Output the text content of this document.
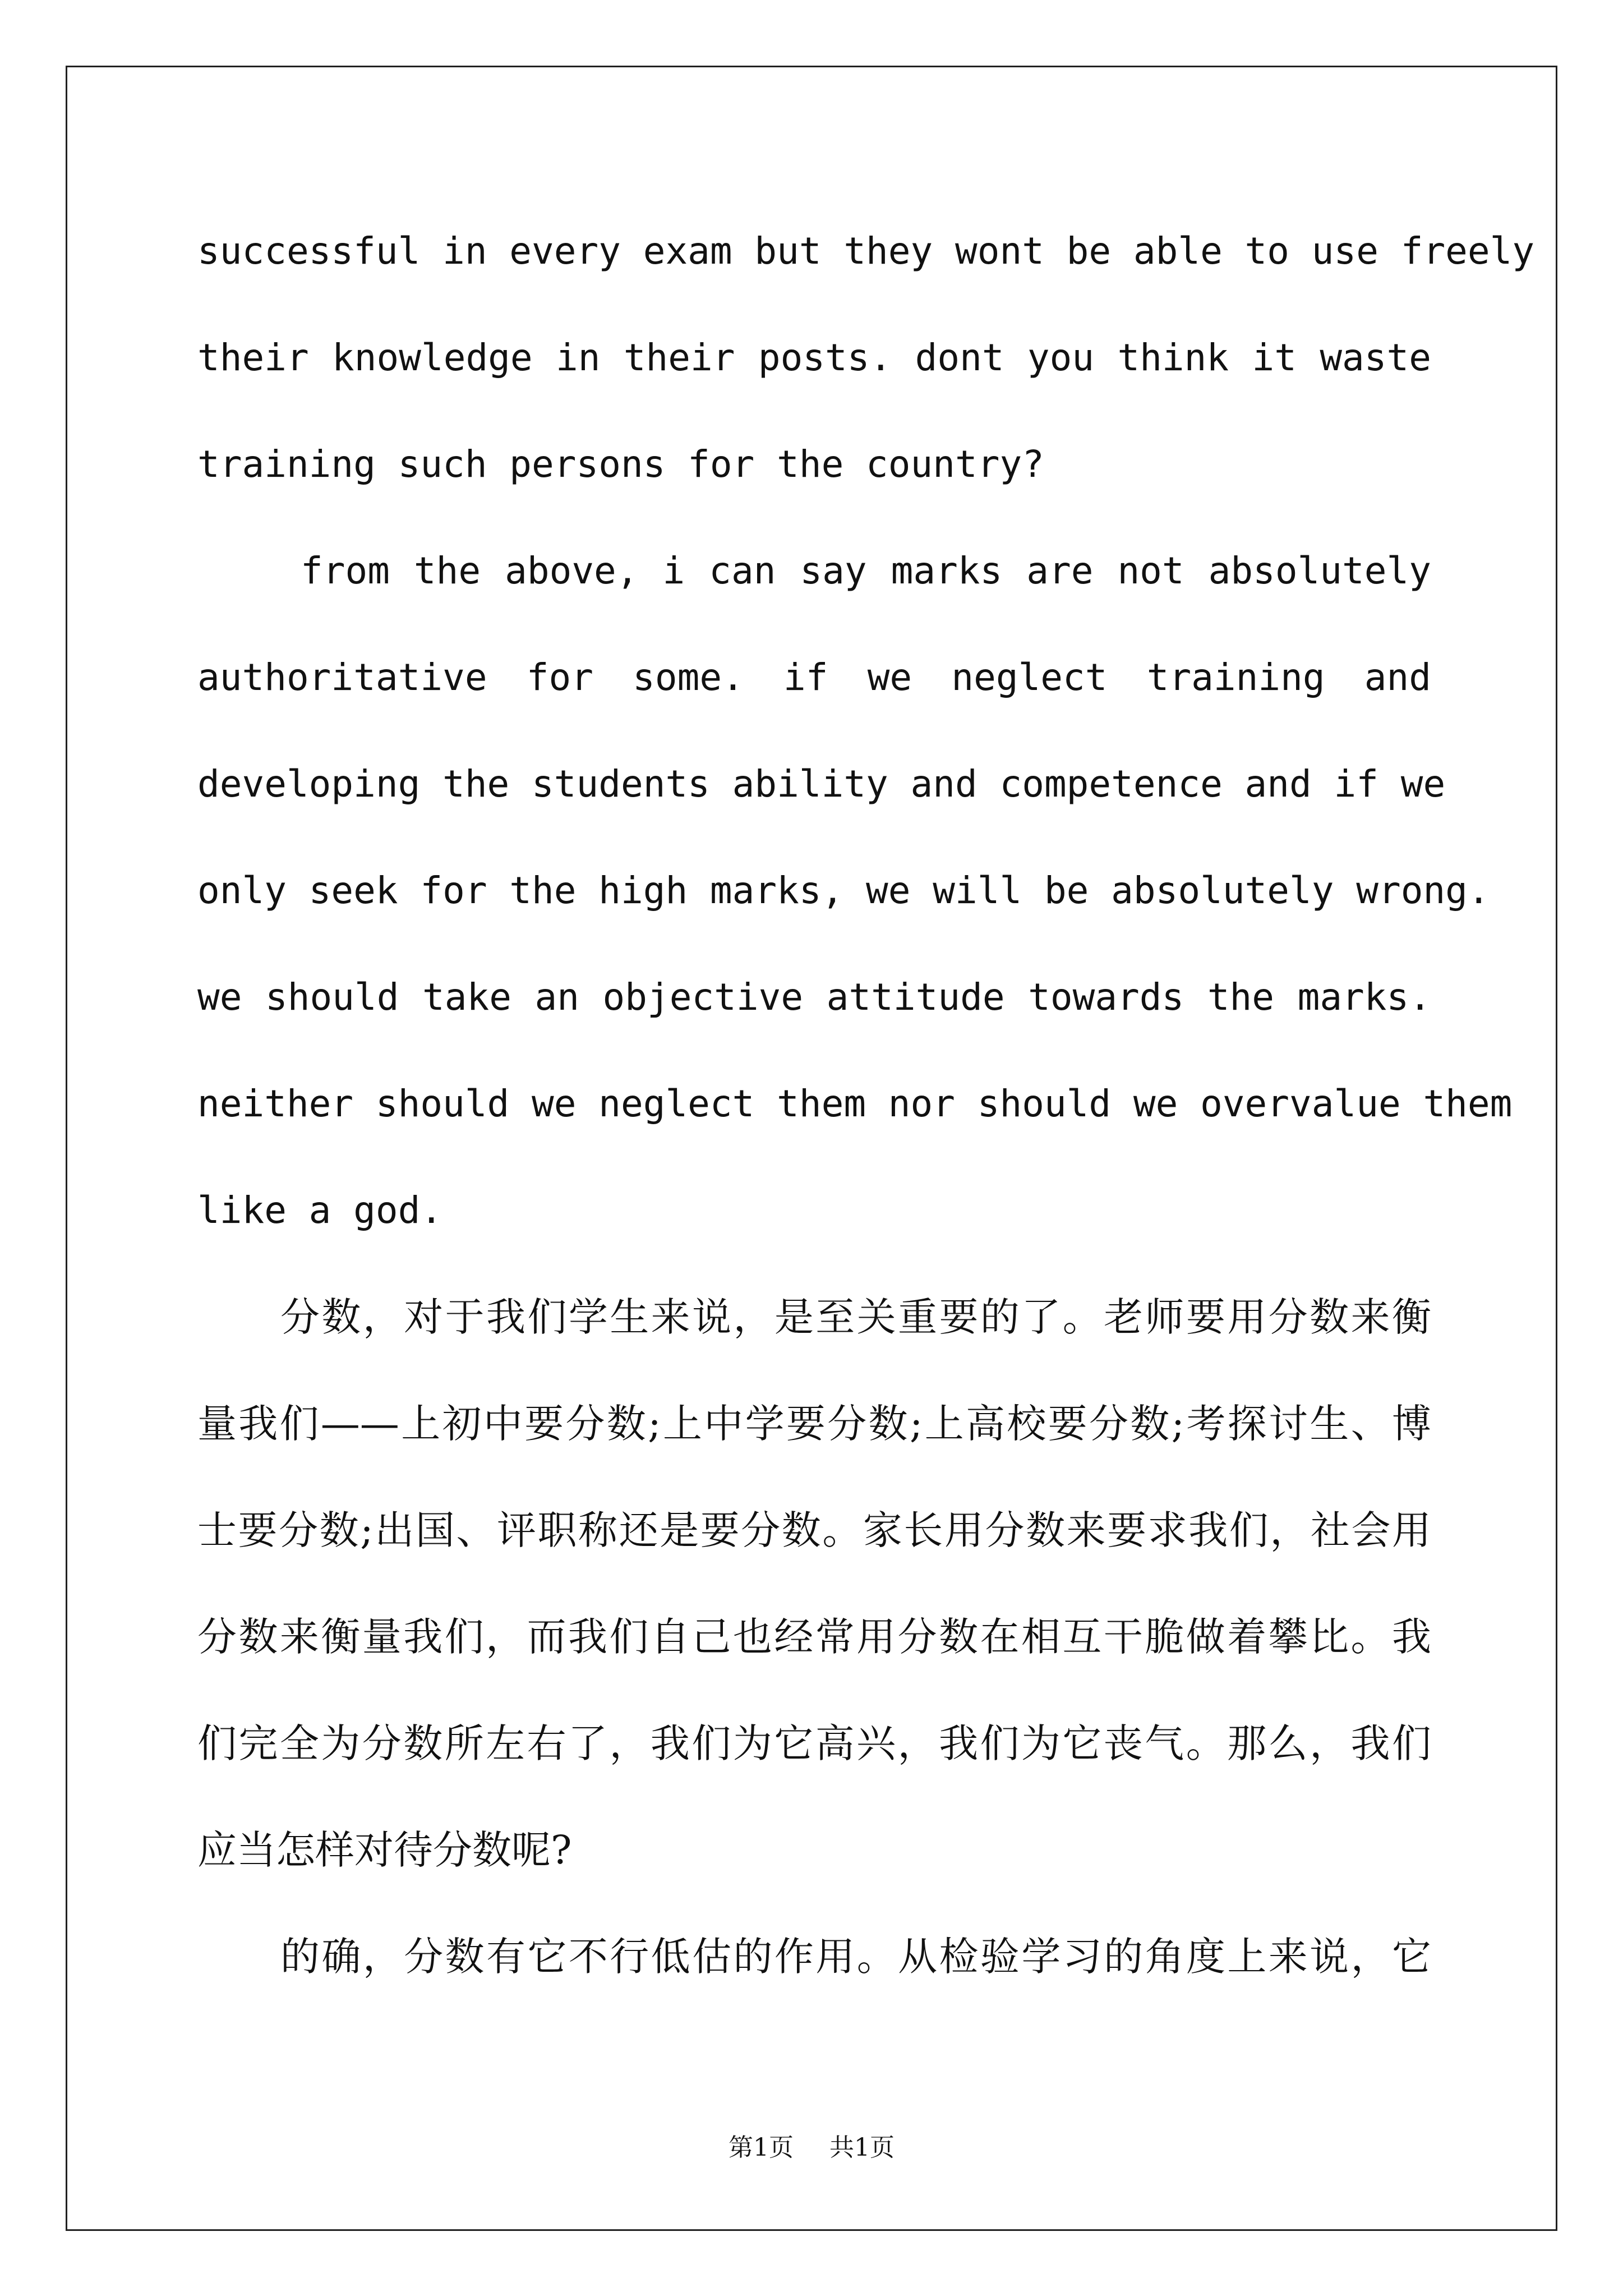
successful in every exam but they wont be able to use freely
their knowledge in their posts. dont you think it waste
training such persons for the country?
from the above, i can say marks are not absolutely
authoritative for some. if we neglect training and
developing the students ability and competence and if we
only seek for the high marks, we will be absolutely wrong.
we should take an objective attitude towards the marks.
neither should we neglect them nor should we overvalue them
like a god.
分数，对于我们学生来说，是至关重要的了。老师要用分数来衡
量我们——上初中要分数;上中学要分数;上高校要分数;考探讨生、博
士要分数;出国、评职称还是要分数。家长用分数来要求我们，社会用
分数来衡量我们，而我们自己也经常用分数在相互干脆做着攀比。我
们完全为分数所左右了，我们为它高兴，我们为它丧气。那么，我们
应当怎样对待分数呢?
的确，分数有它不行低估的作用。从检验学习的角度上来说，它
第1页 共1页
